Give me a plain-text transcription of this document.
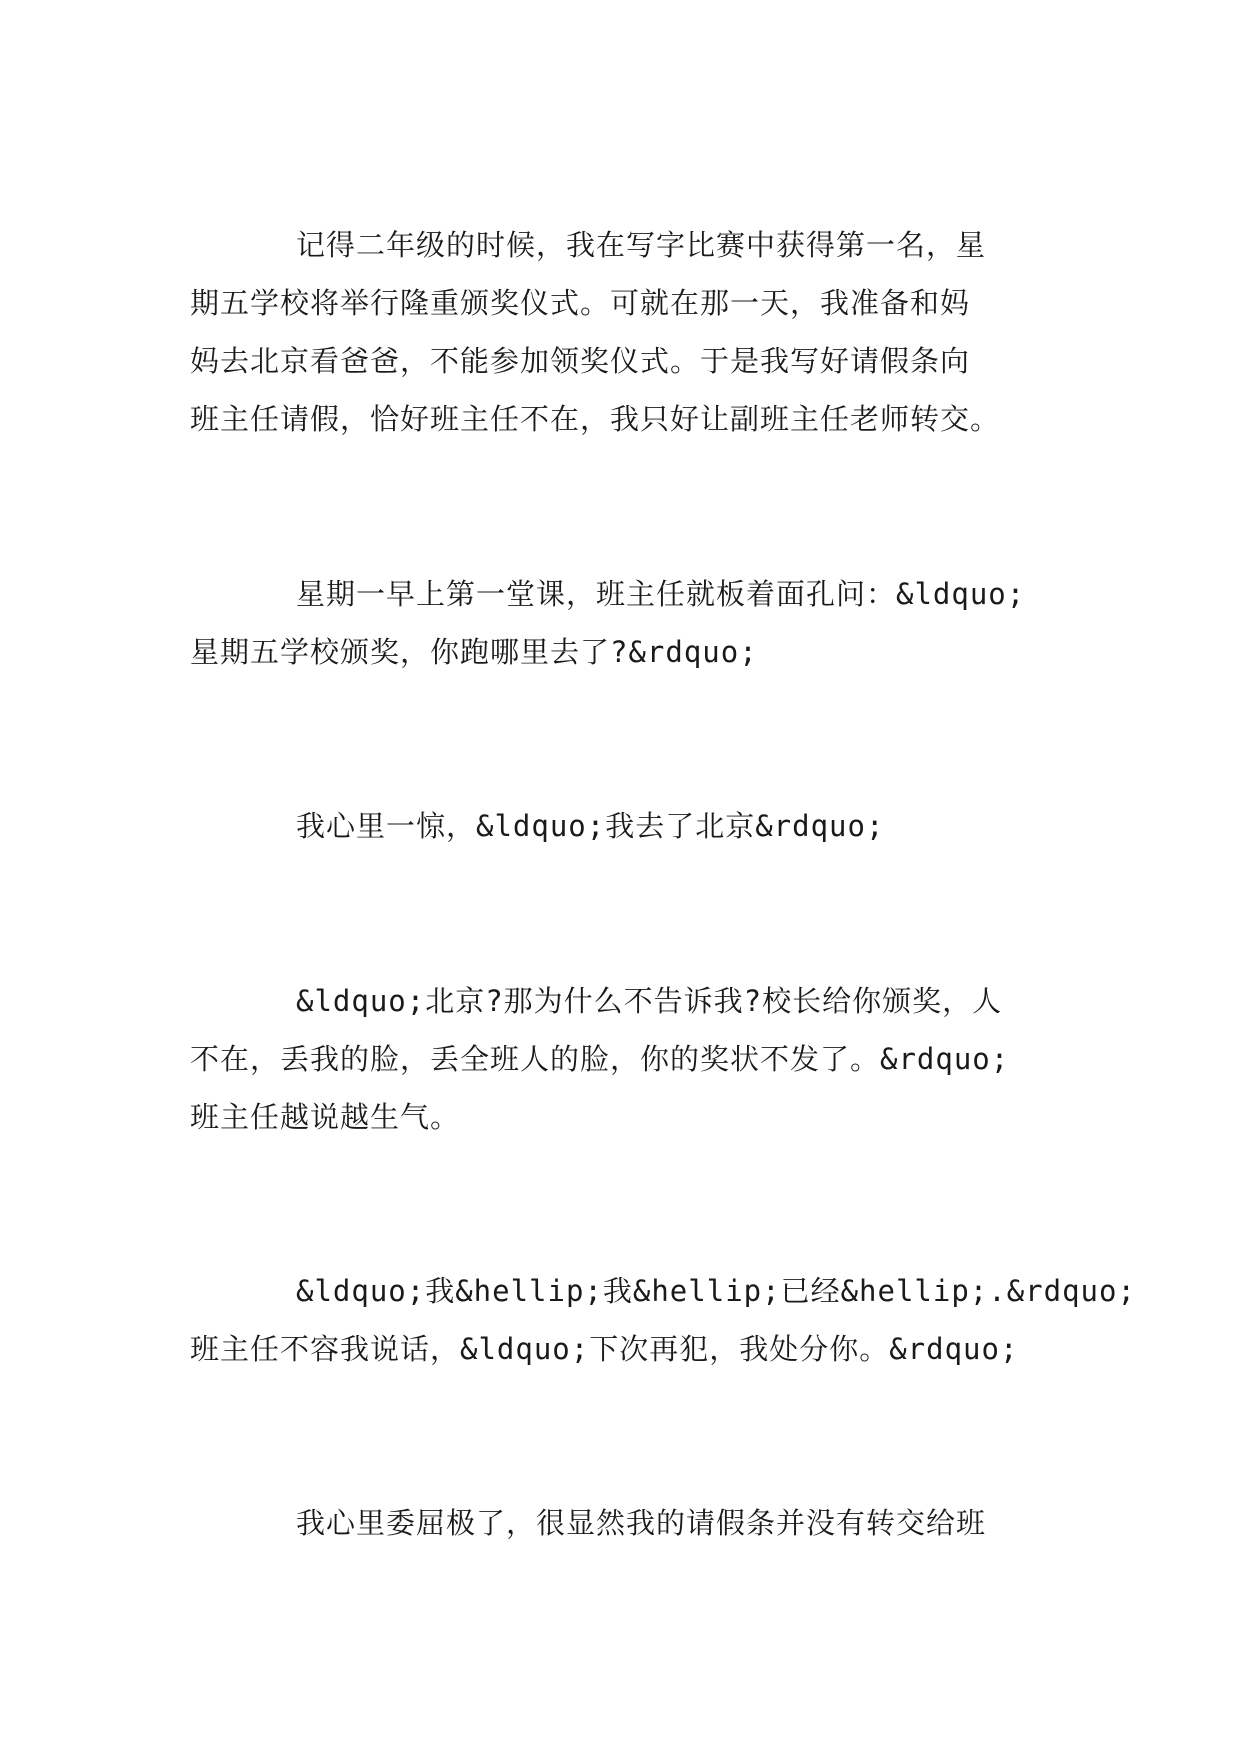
记得二年级的时候，我在写字比赛中获得第一名，星
期五学校将举行隆重颁奖仪式。可就在那一天，我准备和妈
妈去北京看爸爸，不能参加领奖仪式。于是我写好请假条向
班主任请假，恰好班主任不在，我只好让副班主任老师转交。

星期一早上第一堂课，班主任就板着面孔问：&ldquo;
星期五学校颁奖，你跑哪里去了?&rdquo;

我心里一惊，&ldquo;我去了北京&rdquo;

&ldquo;北京?那为什么不告诉我?校长给你颁奖，人
不在，丢我的脸，丢全班人的脸，你的奖状不发了。&rdquo;
班主任越说越生气。

&ldquo;我&hellip;我&hellip;已经&hellip;.&rdquo;
班主任不容我说话，&ldquo;下次再犯，我处分你。&rdquo;

我心里委屈极了，很显然我的请假条并没有转交给班
